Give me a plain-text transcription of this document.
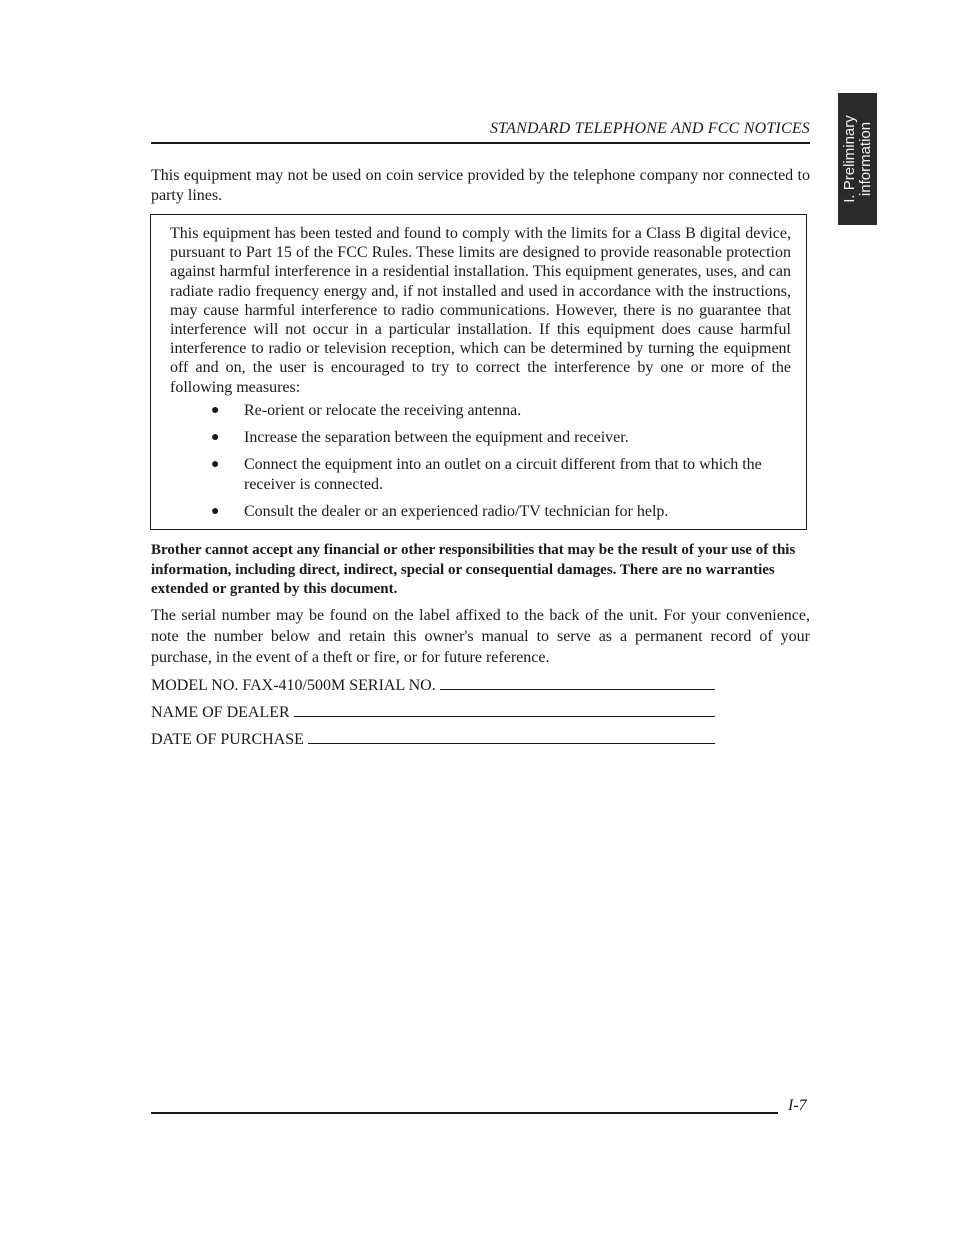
STANDARD TELEPHONE AND FCC NOTICES I. Preliminary information

This equipment may not be used on coin service provided by the telephone company nor connected to party lines.

This equipment has been tested and found to comply with the limits for a Class B digital device, pursuant to Part 15 of the FCC Rules. These limits are designed to provide reasonable protection against harmful interference in a residential installation. This equipment generates, uses, and can radiate radio frequency energy and, if not installed and used in accordance with the instructions, may cause harmful interference to radio communications. However, there is no guarantee that interference will not occur in a particular installation. If this equipment does cause harmful interference to radio or television reception, which can be determined by turning the equipment off and on, the user is encouraged to try to correct the interference by one or more of the following measures:

● Re-orient or relocate the receiving antenna.
● Increase the separation between the equipment and receiver.
● Connect the equipment into an outlet on a circuit different from that to which the receiver is connected.
● Consult the dealer or an experienced radio/TV technician for help.

Brother cannot accept any financial or other responsibilities that may be the result of your use of this information, including direct, indirect, special or consequential damages. There are no warranties extended or granted by this document.

The serial number may be found on the label affixed to the back of the unit. For your convenience, note the number below and retain this owner's manual to serve as a permanent record of your purchase, in the event of a theft or fire, or for future reference.

MODEL NO. FAX-410/500M SERIAL NO.
NAME OF DEALER
DATE OF PURCHASE
I-7
